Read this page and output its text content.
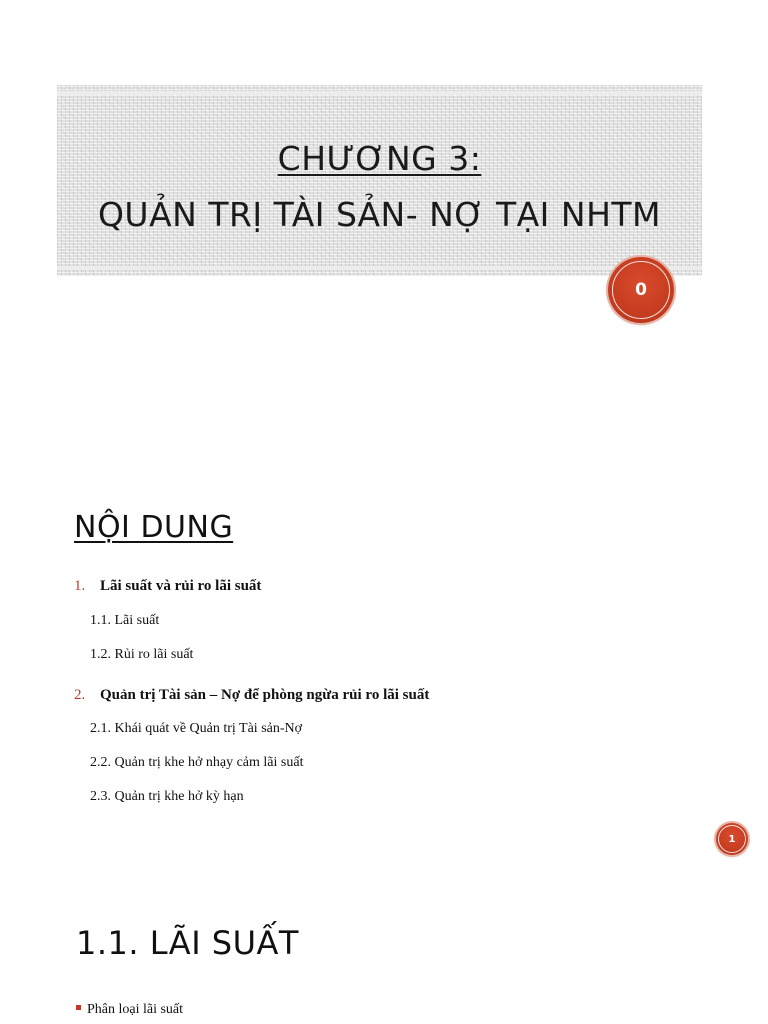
CHƯƠNG 3:
QUẢN TRỊ TÀI SẢN- NỢ TẠI NHTM
0
NỘI DUNG
1. Lãi suất và rủi ro lãi suất
1.1. Lãi suất
1.2. Rủi ro lãi suất
2. Quản trị Tài sản – Nợ để phòng ngừa rủi ro lãi suất
2.1. Khái quát về Quản trị Tài sản-Nợ
2.2. Quản trị khe hở nhạy cảm lãi suất
2.3. Quản trị khe hở kỳ hạn
1
1.1. LÃI SUẤT
Phân loại lãi suất
